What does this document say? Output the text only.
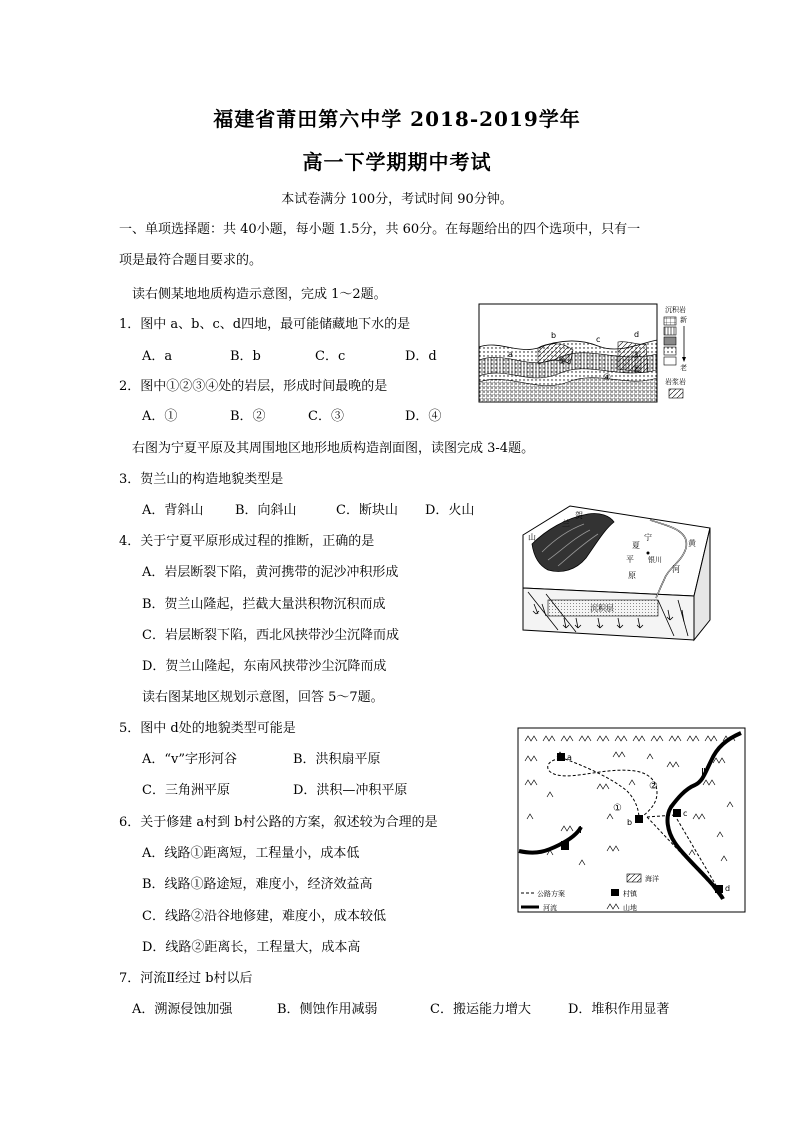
福建省莆田第六中学 2018-2019学年
高一下学期期中考试
本试卷满分 100分，考试时间 90分钟。
一、单项选择题：共 40小题，每小题 1.5分，共 60分。在每题给出的四个选项中，只有一
项是最符合题目要求的。
读右侧某地地质构造示意图，完成 1～2题。
1．图中 a、b、c、d四地，最可能储藏地下水的是
A．a	B．b	C．c	D．d
2．图中①②③④处的岩层，形成时间最晚的是
A．①	B．②	C．③	D．④
a
b	c
d
①
②
③
④
沉积岩
新
老
岩浆岩
右图为宁夏平原及其周围地区地形地质构造剖面图，读图完成 3-4题。
3．贺兰山的构造地貌类型是
A．背斜山 B．向斜山	C．断块山 D．火山
4．关于宁夏平原形成过程的推断，正确的是
A．岩层断裂下陷，黄河携带的泥沙冲积形成
B．贺兰山隆起，拦截大量洪积物沉积而成
C．岩层断裂下陷，西北风挟带沙尘沉降而成
D．贺兰山隆起，东南风挟带沙尘沉降而成
贺
兰
山	宁
夏
平
原
银川
黄
河
沉积层
读右图某地区规划示意图，回答 5～7题。
5．图中 d处的地貌类型可能是
A．“v”字形河谷	B．洪积扇平原
C．三角洲平原	D．洪积—冲积平原
6．关于修建 a村到 b村公路的方案，叙述较为合理的是
A．线路①距离短，工程量小，成本低
B．线路①路途短，难度小，经济效益高
C．线路②沿谷地修建，难度小，成本较低
D．线路②距离长，工程量大，成本高
7．河流Ⅱ经过 b村以后
A．溯源侵蚀加强	B．侧蚀作用减弱	C．搬运能力增大	D．堆积作用显著
a
b
c
d
①
②
Ⅰ
Ⅱ
海洋
公路方案	村镇
河流	山地
